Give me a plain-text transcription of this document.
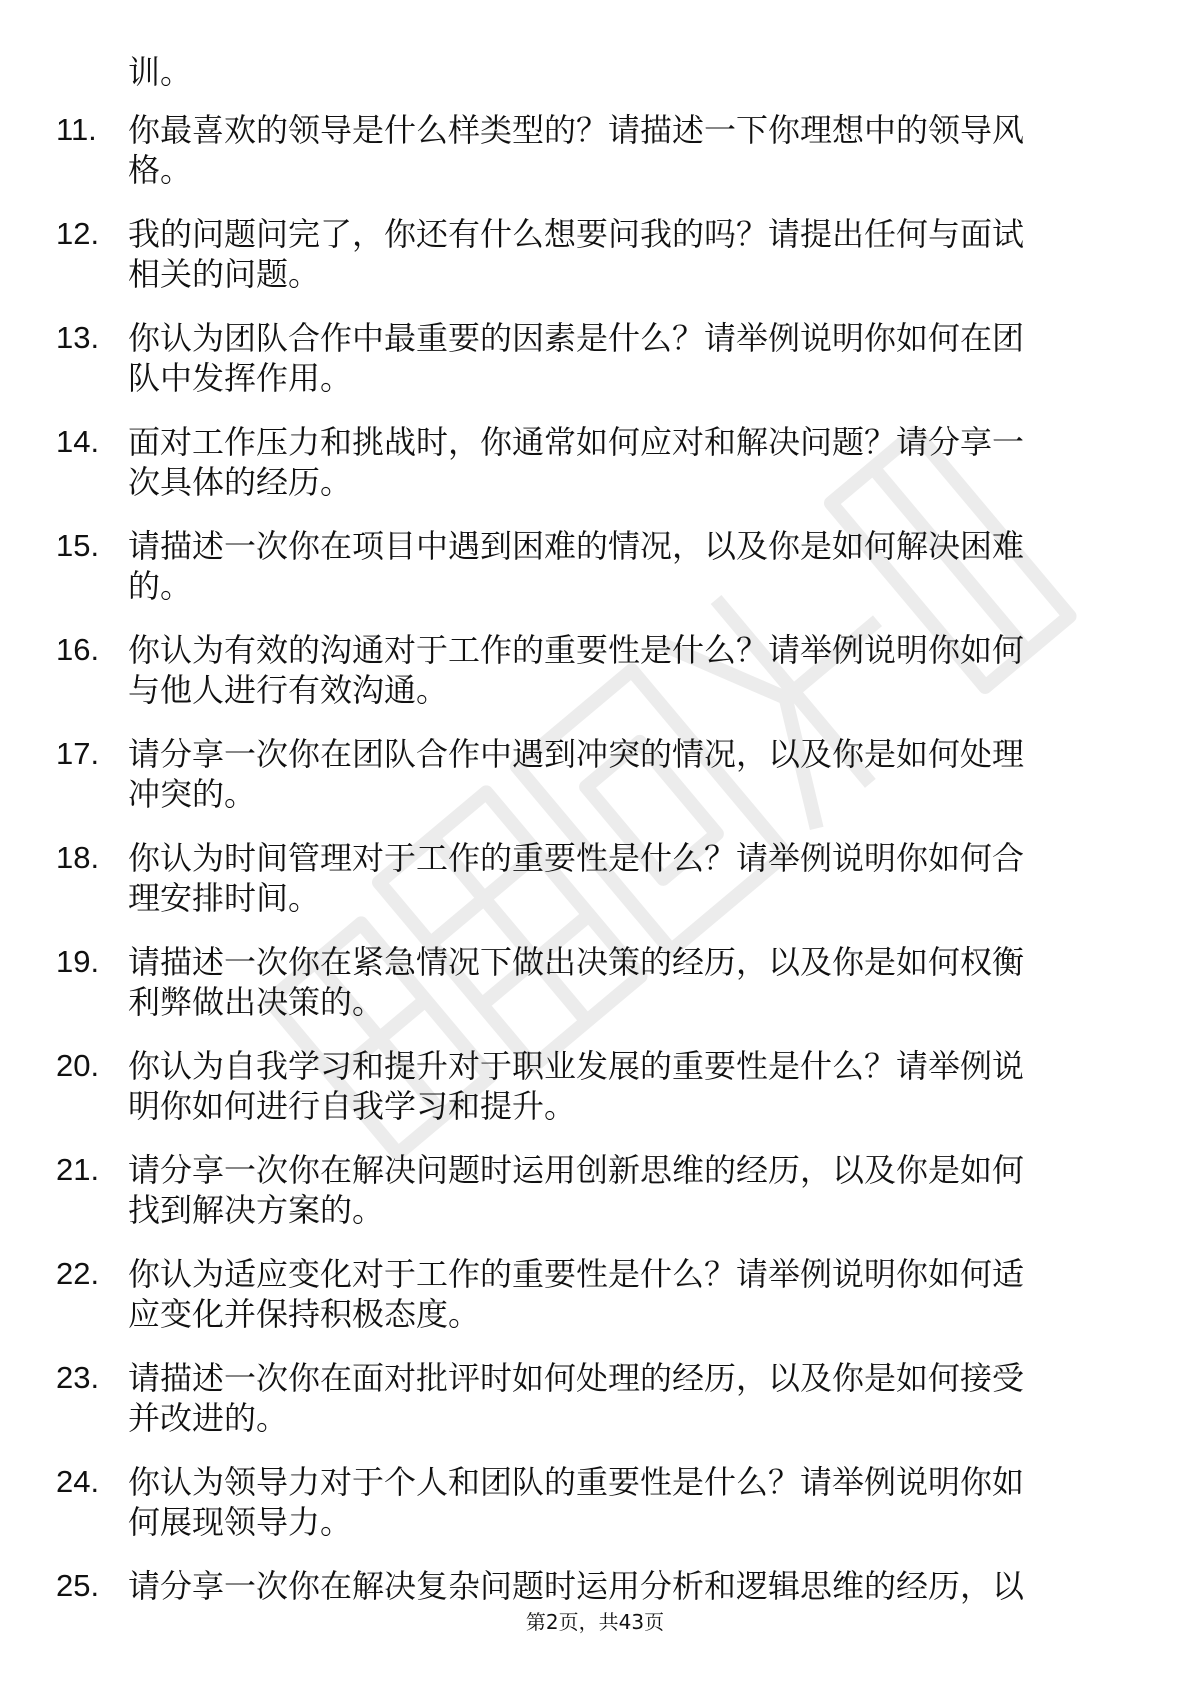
训。
11. 你最喜欢的领导是什么样类型的？请描述一下你理想中的领导风
格。
12. 我的问题问完了，你还有什么想要问我的吗？请提出任何与面试
相关的问题。
13. 你认为团队合作中最重要的因素是什么？请举例说明你如何在团
队中发挥作用。
14. 面对工作压力和挑战时，你通常如何应对和解决问题？请分享一
次具体的经历。
15. 请描述一次你在项目中遇到困难的情况，以及你是如何解决困难
的。
16. 你认为有效的沟通对于工作的重要性是什么？请举例说明你如何
与他人进行有效沟通。
17. 请分享一次你在团队合作中遇到冲突的情况，以及你是如何处理
冲突的。
18. 你认为时间管理对于工作的重要性是什么？请举例说明你如何合
理安排时间。
19. 请描述一次你在紧急情况下做出决策的经历，以及你是如何权衡
利弊做出决策的。
20. 你认为自我学习和提升对于职业发展的重要性是什么？请举例说
明你如何进行自我学习和提升。
21. 请分享一次你在解决问题时运用创新思维的经历，以及你是如何
找到解决方案的。
22. 你认为适应变化对于工作的重要性是什么？请举例说明你如何适
应变化并保持积极态度。
23. 请描述一次你在面对批评时如何处理的经历，以及你是如何接受
并改进的。
24. 你认为领导力对于个人和团队的重要性是什么？请举例说明你如
何展现领导力。
25. 请分享一次你在解决复杂问题时运用分析和逻辑思维的经历，以
第2页，共43页
